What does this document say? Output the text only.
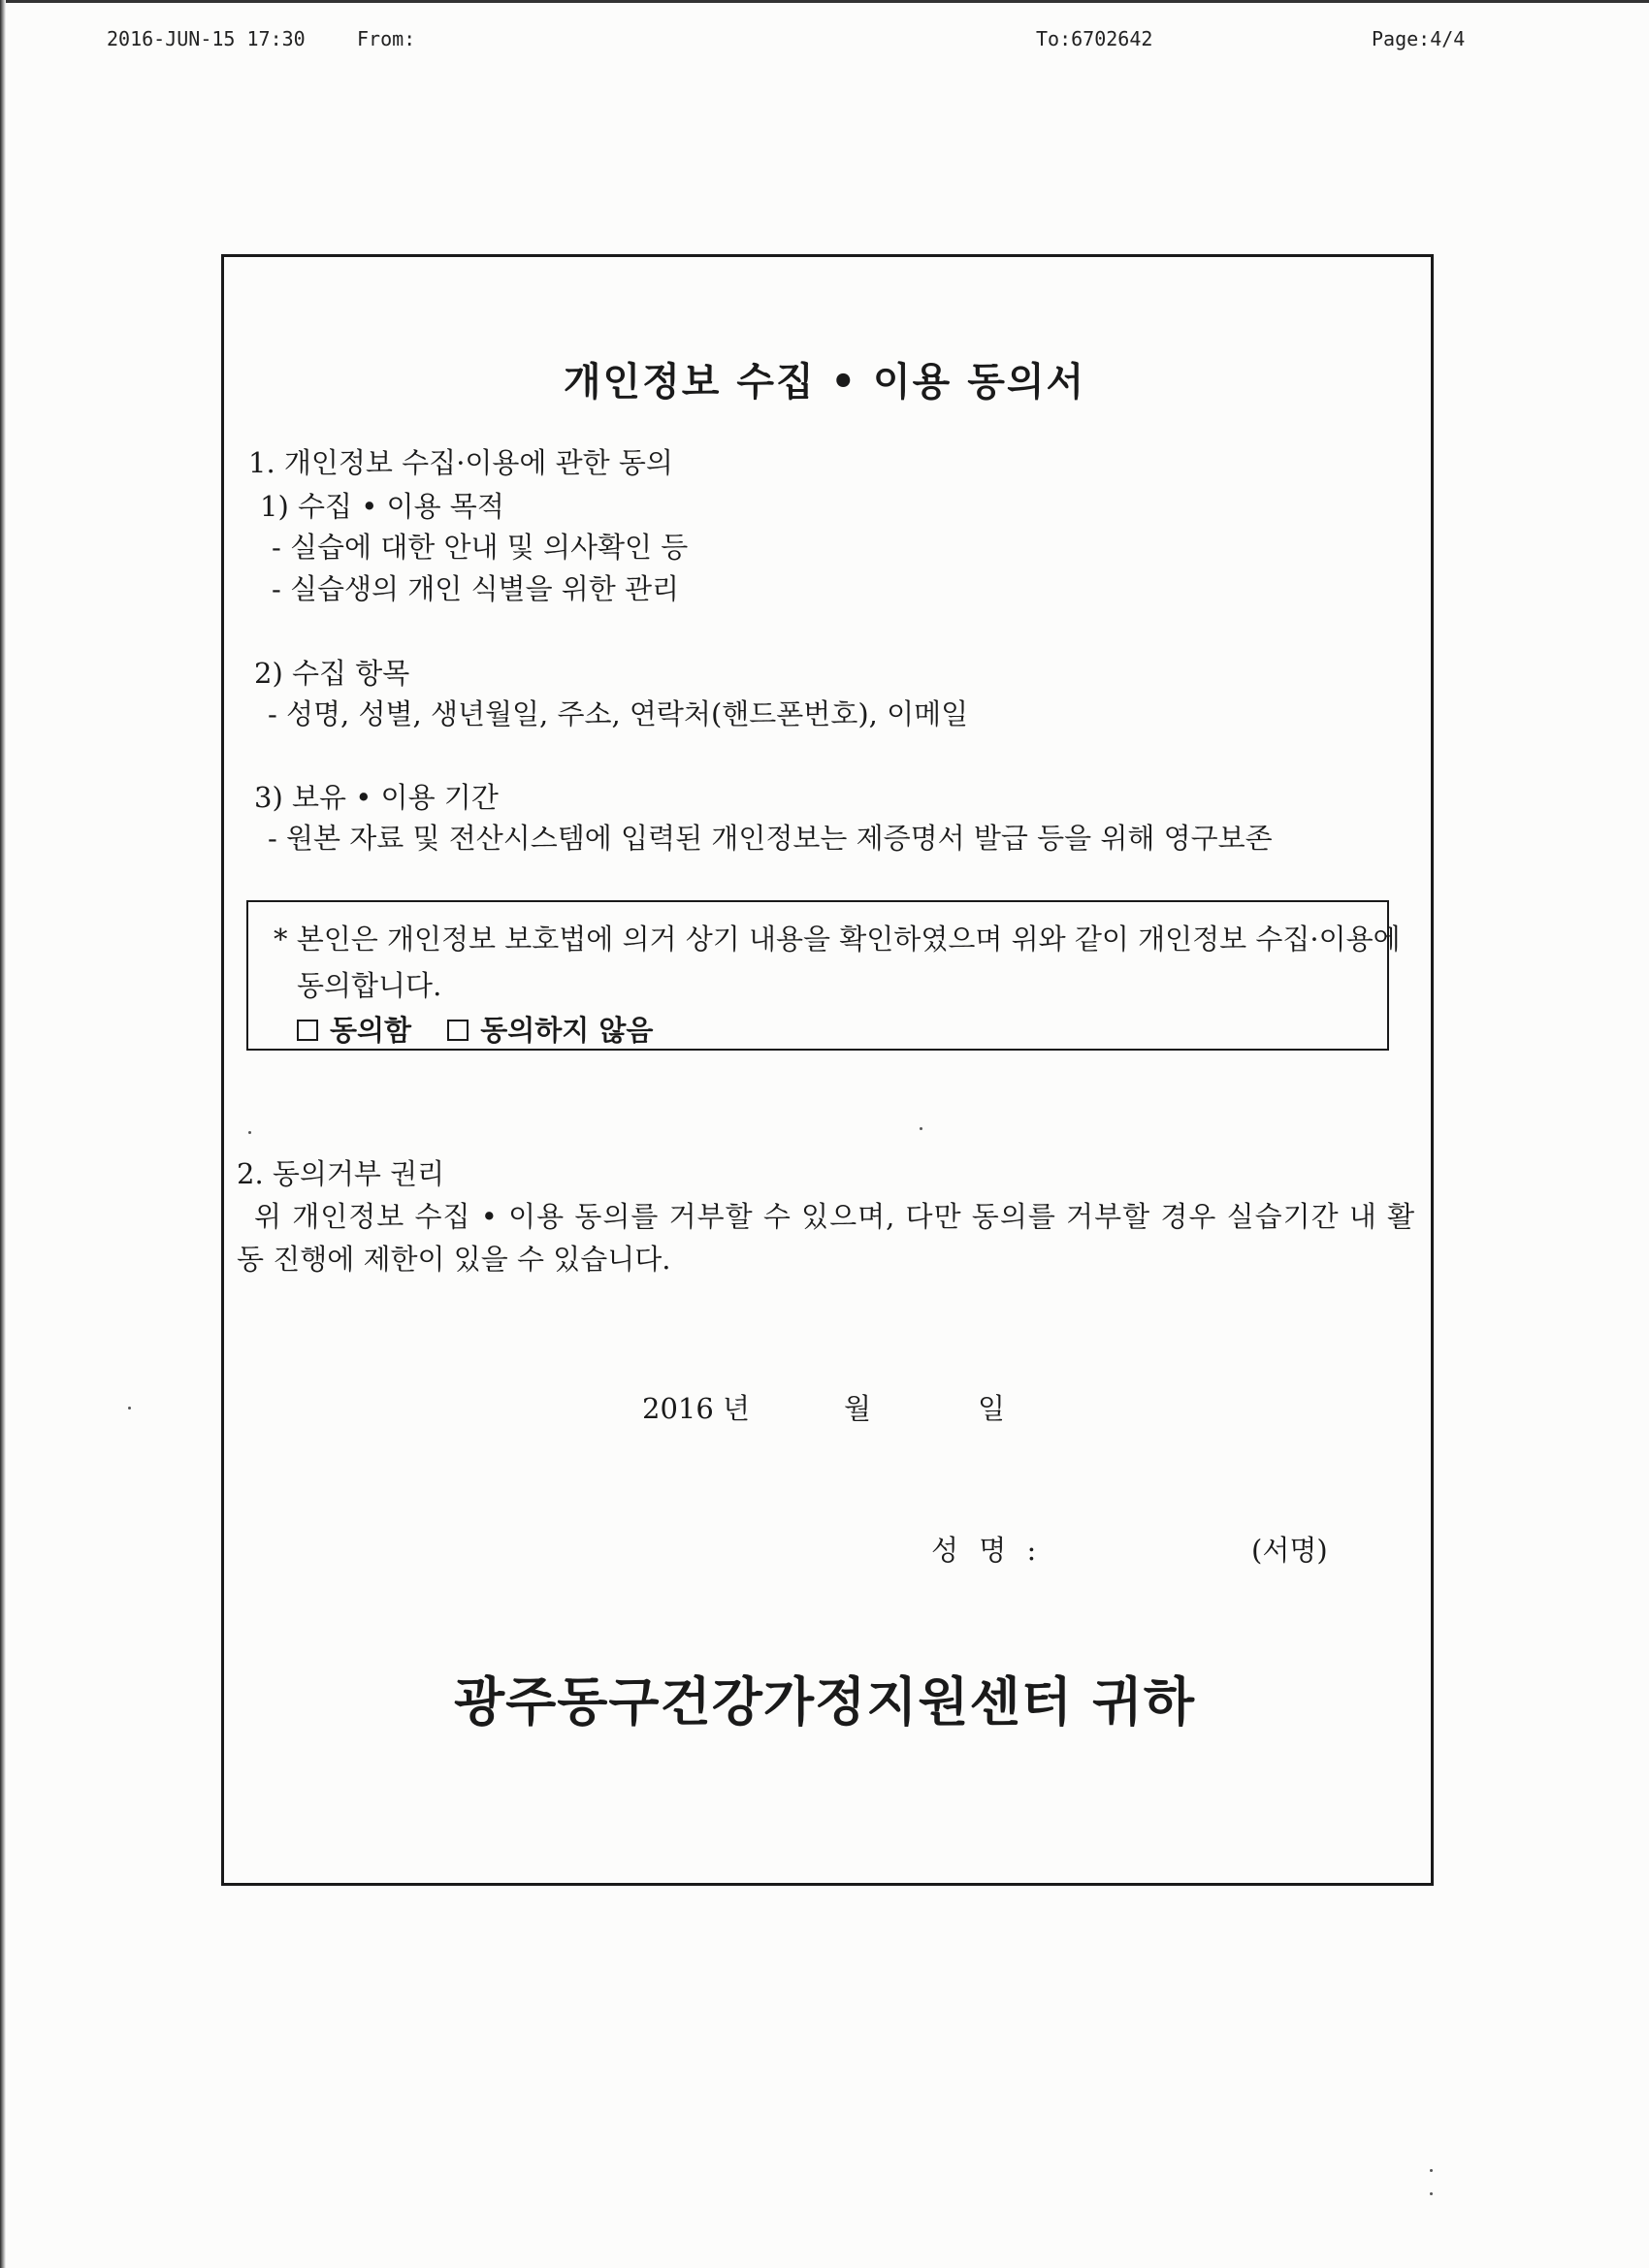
2016-JUN-15 17:30	From:	To:6702642	Page:4/4
개인정보 수집 • 이용 동의서
1. 개인정보 수집·이용에 관한 동의
1) 수집 • 이용 목적
- 실습에 대한 안내 및 의사확인 등
- 실습생의 개인 식별을 위한 관리
2) 수집 항목
- 성명, 성별, 생년월일, 주소, 연락처(핸드폰번호), 이메일
3) 보유 • 이용 기간
- 원본 자료 및 전산시스템에 입력된 개인정보는 제증명서 발급 등을 위해 영구보존
* 본인은 개인정보 보호법에 의거 상기 내용을 확인하였으며 위와 같이 개인정보 수집·이용에
동의합니다.
동의함 동의하지 않음
2. 동의거부 권리
위 개인정보 수집 • 이용 동의를 거부할 수 있으며, 다만 동의를 거부할 경우 실습기간 내 활
동 진행에 제한이 있을 수 있습니다.
2016 년	월	일
성 명 :	(서명)
광주동구건강가정지원센터 귀하
